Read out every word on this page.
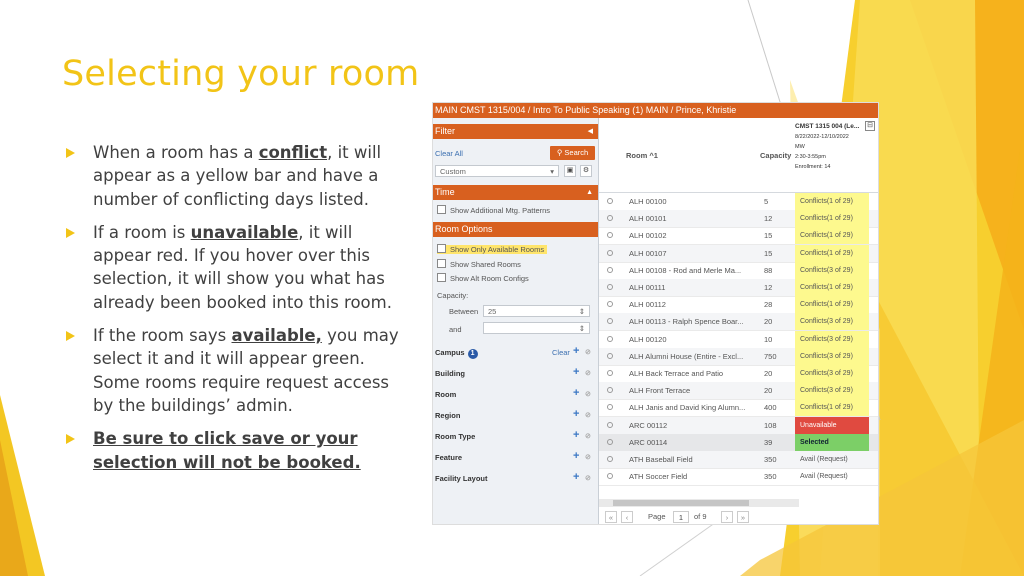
Selecting your room
When a room has a conflict, it will appear as a yellow bar and have a number of conflicting days listed.
If a room is unavailable, it will appear red. If you hover over this selection, it will show you what has already been booked into this room.
If the room says available, you may select it and it will appear green. Some rooms require request access by the buildings’ admin.
Be sure to click save or your selection will not be booked.
MAIN CMST 1315/004 / Intro To Public Speaking (1) MAIN / Prince, Khristie
Filter	◀
Clear All	⚲ Search
Custom	▾	▣	⚙
Time	▲
Show Additional Mtg. Patterns
Room Options
Show Only Available Rooms
Show Shared Rooms
Show Alt Room Configs
Capacity:
Between	25	⇕
and	⇕
Campus 1	Clear + ⊘
Building	+ ⊘
Room	+ ⊘
Region	+ ⊘
Room Type	+ ⊘
Feature	+ ⊘
Facility Layout	+ ⊘
Room ^1	Capacity
CMST 1315 004 (Le...
8/22/2022-12/10/2022
MW
2:30-3:55pm
Enrollment: 14
⊟
ALH 00100	5	Conflicts(1 of 29)
ALH 00101	12	Conflicts(1 of 29)
ALH 00102	15	Conflicts(1 of 29)
ALH 00107	15	Conflicts(1 of 29)
ALH 00108 - Rod and Merle Ma...	88	Conflicts(3 of 29)
ALH 00111	12	Conflicts(1 of 29)
ALH 00112	28	Conflicts(1 of 29)
ALH 00113 - Ralph Spence Boar...	20	Conflicts(3 of 29)
ALH 00120	10	Conflicts(3 of 29)
ALH Alumni House (Entire - Excl...	750	Conflicts(3 of 29)
ALH Back Terrace and Patio	20	Conflicts(3 of 29)
ALH Front Terrace	20	Conflicts(3 of 29)
ALH Janis and David King Alumn... 400	Conflicts(1 of 29)
ARC 00112	108	Unavailable
ARC 00114	39	Selected
ATH Baseball Field	350	Avail (Request)
ATH Soccer Field	350	Avail (Request)
«	‹	Page	1	of 9	›	»
